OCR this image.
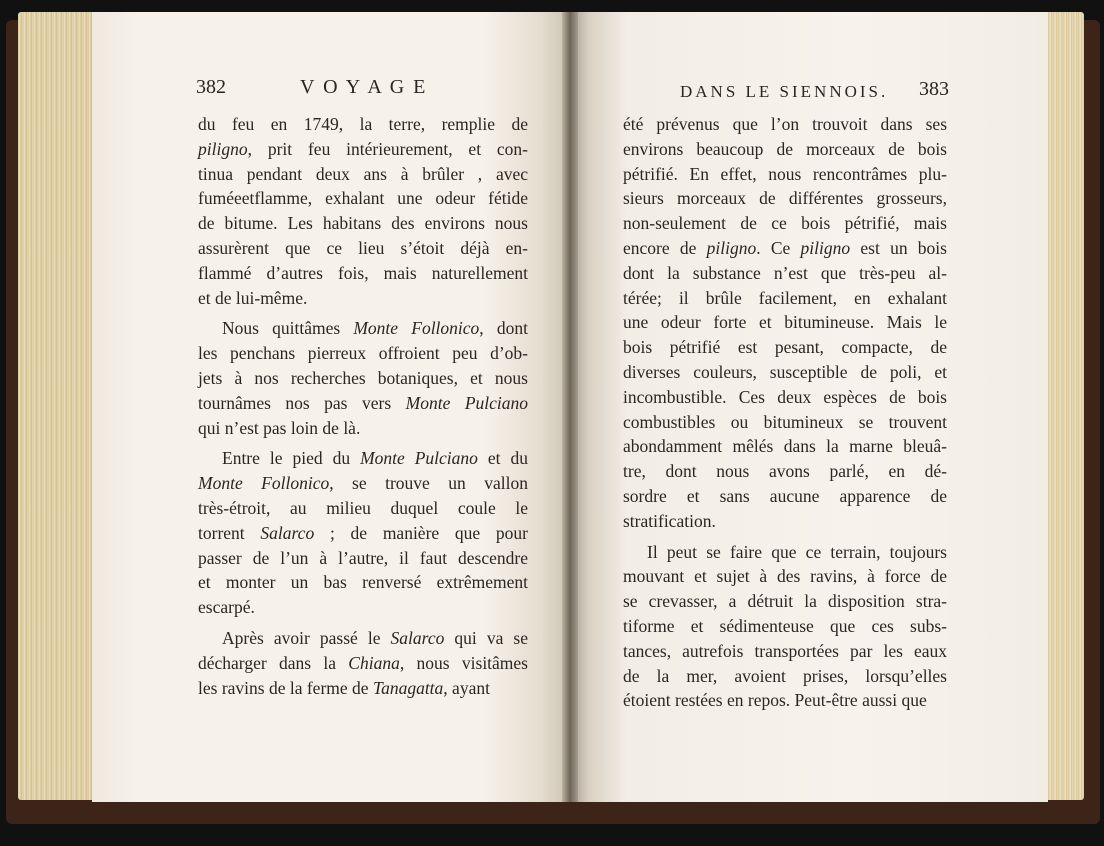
382	V O Y A G E	DANS LE SIENNOIS. 383

du feu en 1749, la terre, remplie de
piligno, prit feu intérieurement, et con-
tinua pendant deux ans à brûler , avec
fuméeetflamme, exhalant une odeur fétide
de bitume. Les habitans des environs nous
assurèrent que ce lieu s’étoit déjà en-
flammé d’autres fois, mais naturellement
et de lui-même.

Nous quittâmes Monte Follonico, dont
les penchans pierreux offroient peu d’ob-
jets à nos recherches botaniques, et nous
tournâmes nos pas vers Monte Pulciano
qui n’est pas loin de là.

Entre le pied du Monte Pulciano et du
Monte Follonico, se trouve un vallon
très-étroit, au milieu duquel coule le
torrent Salarco ; de manière que pour
passer de l’un à l’autre, il faut descendre
et monter un bas renversé extrêmement
escarpé.

Après avoir passé le Salarco qui va se
décharger dans la Chiana, nous visitâmes
les ravins de la ferme de Tanagatta, ayant

été prévenus que l’on trouvoit dans ses
environs beaucoup de morceaux de bois
pétrifié. En effet, nous rencontrâmes plu-
sieurs morceaux de différentes grosseurs,
non-seulement de ce bois pétrifié, mais
encore de piligno. Ce piligno est un bois
dont la substance n’est que très-peu al-
térée; il brûle facilement, en exhalant
une odeur forte et bitumineuse. Mais le
bois pétrifié est pesant, compacte, de
diverses couleurs, susceptible de poli, et
incombustible. Ces deux espèces de bois
combustibles ou bitumineux se trouvent
abondamment mêlés dans la marne bleuâ-
tre, dont nous avons parlé, en dé-
sordre et sans aucune apparence de
stratification.

Il peut se faire que ce terrain, toujours
mouvant et sujet à des ravins, à force de
se crevasser, a détruit la disposition stra-
tiforme et sédimenteuse que ces subs-
tances, autrefois transportées par les eaux
de la mer, avoient prises, lorsqu’elles
étoient restées en repos. Peut-être aussi que
